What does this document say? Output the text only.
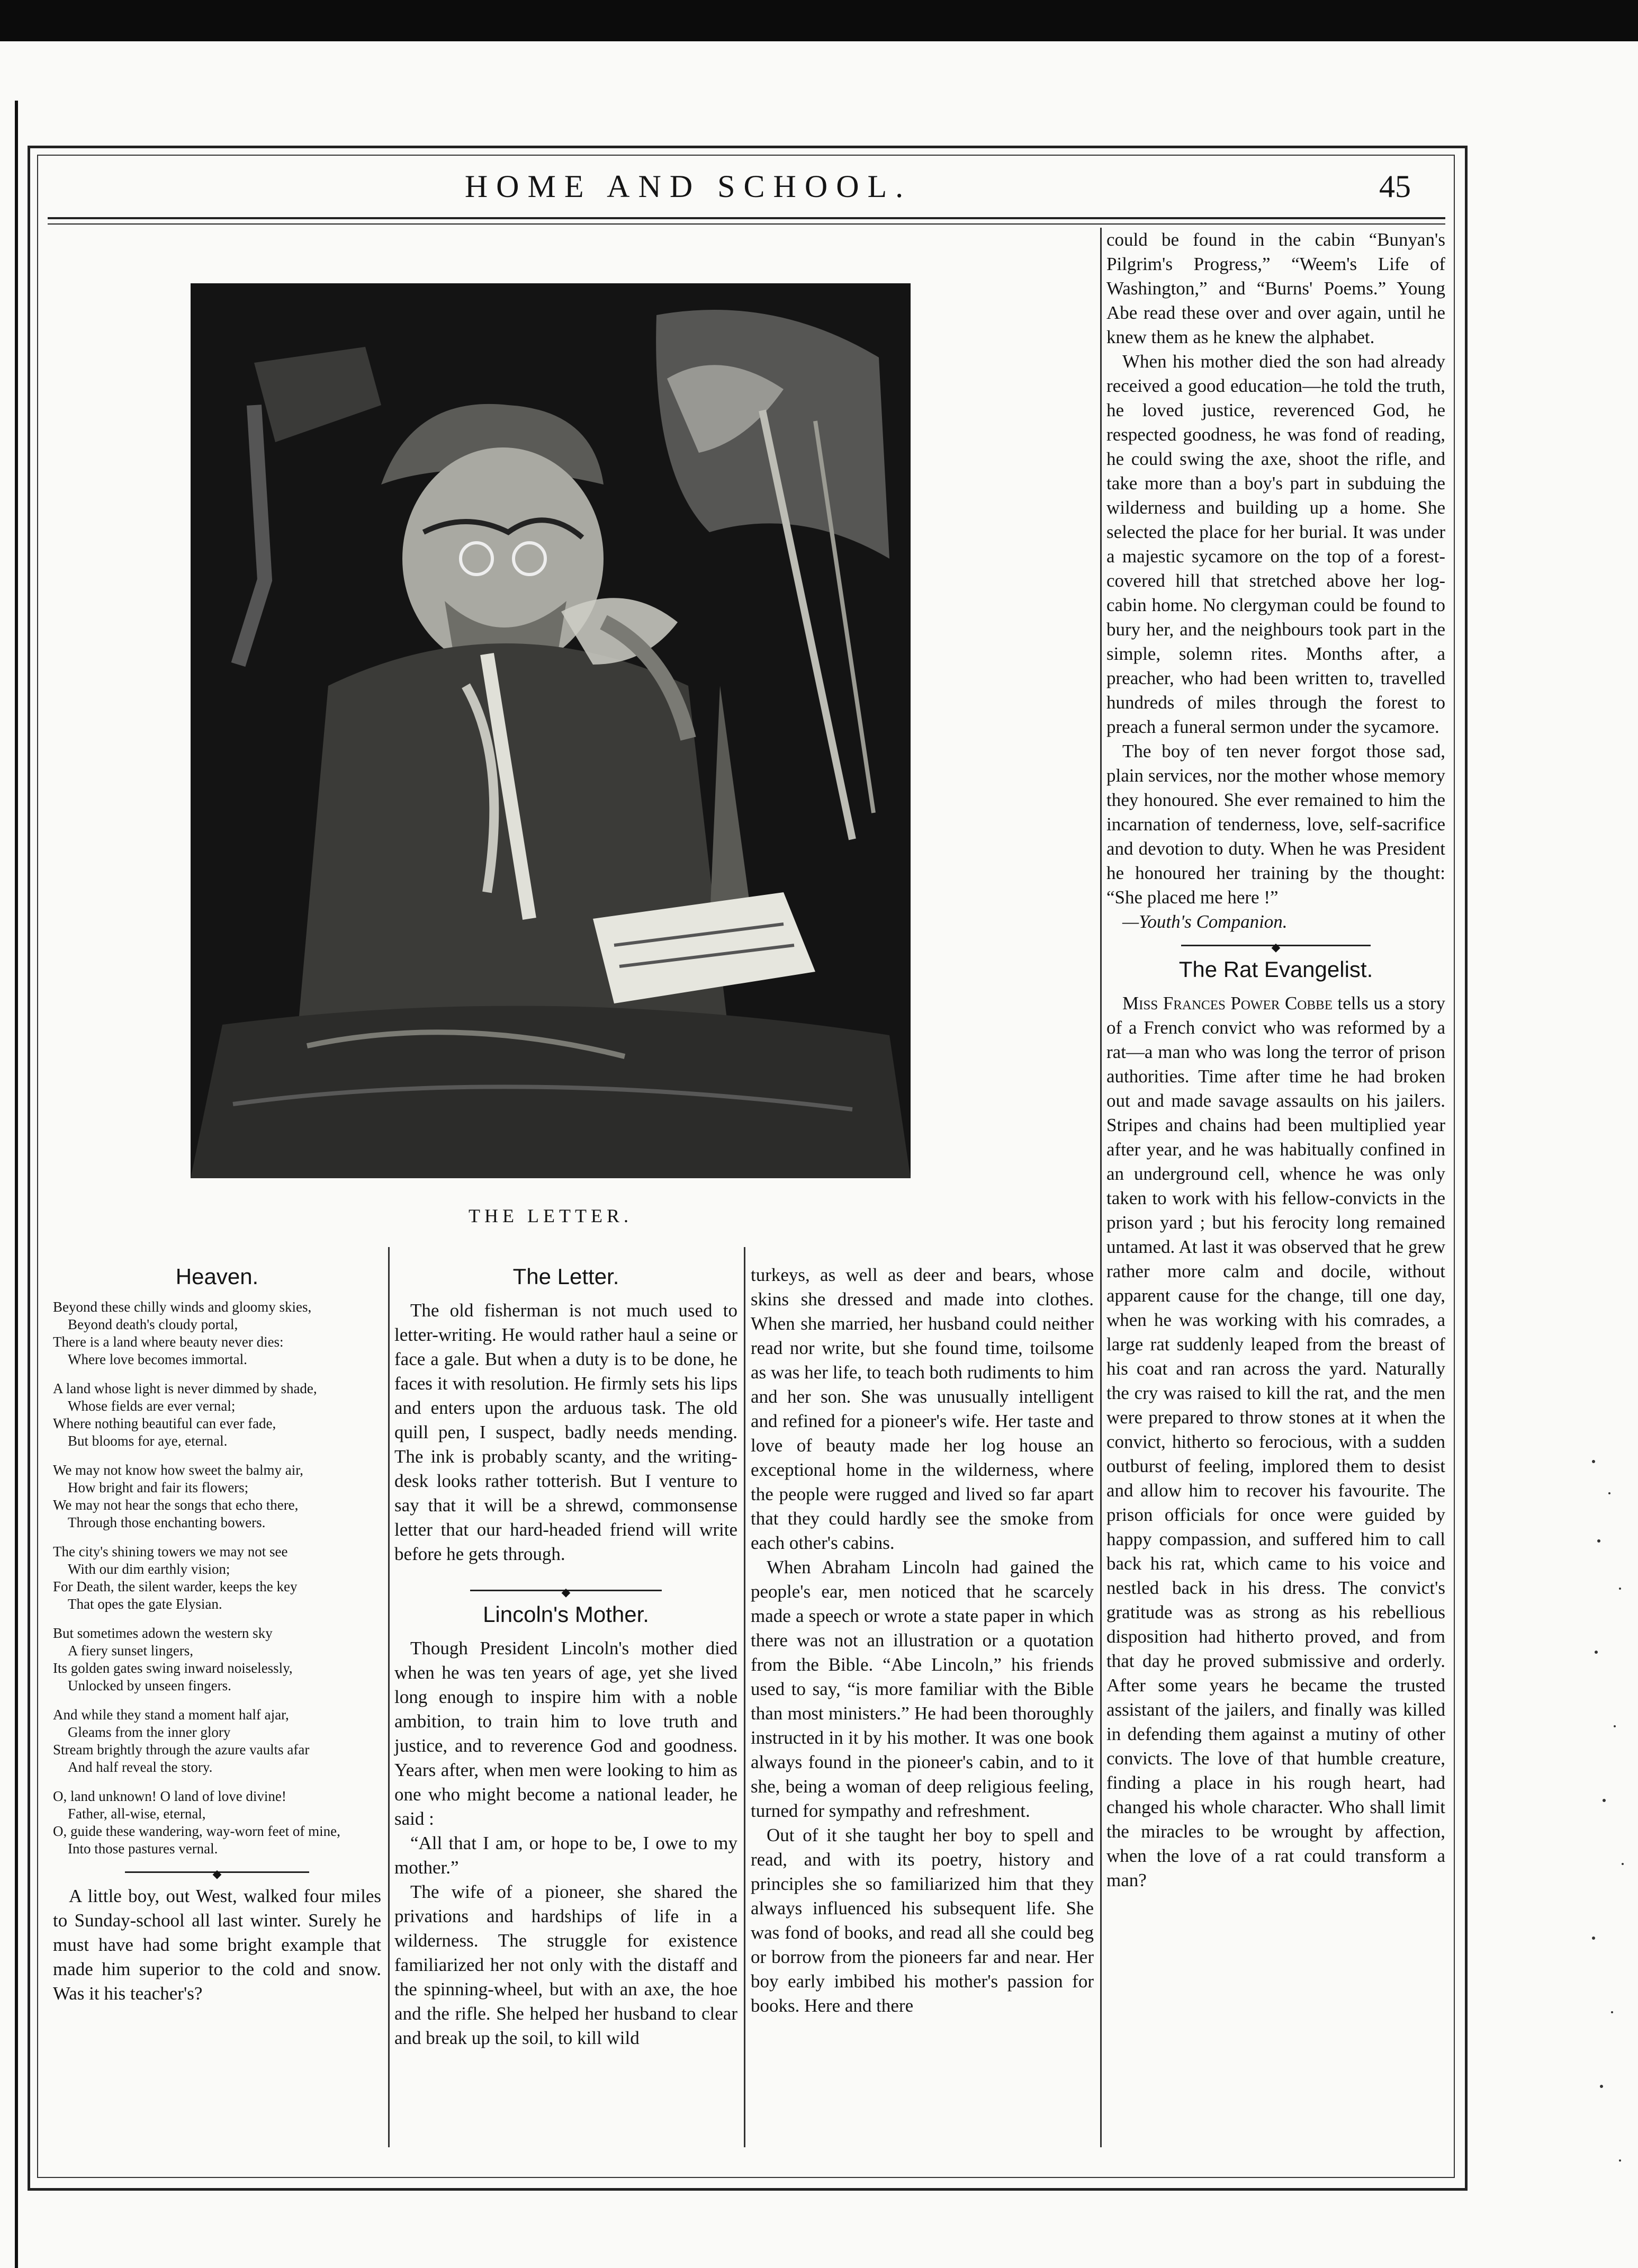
HOME AND SCHOOL.	45
THE LETTER.
Heaven.
Beyond these chilly winds and gloomy skies,
Beyond death's cloudy portal,
There is a land where beauty never dies:
Where love becomes immortal.
A land whose light is never dimmed by shade,
Whose fields are ever vernal;
Where nothing beautiful can ever fade,
But blooms for aye, eternal.
We may not know how sweet the balmy air,
How bright and fair its flowers;
We may not hear the songs that echo there,
Through those enchanting bowers.
The city's shining towers we may not see
With our dim earthly vision;
For Death, the silent warder, keeps the key
That opes the gate Elysian.
But sometimes adown the western sky
A fiery sunset lingers,
Its golden gates swing inward noiselessly,
Unlocked by unseen fingers.
And while they stand a moment half ajar,
Gleams from the inner glory
Stream brightly through the azure vaults afar
And half reveal the story.
O, land unknown! O land of love divine!
Father, all-wise, eternal,
O, guide these wandering, way-worn feet of mine,
Into those pastures vernal.
◆

A little boy, out West, walked four miles to Sunday-school all last winter. Surely he must have had some bright example that made him superior to the cold and snow. Was it his teacher's?

The Letter.

The old fisherman is not much used to letter-writing. He would rather haul a seine or face a gale. But when a duty is to be done, he faces it with resolution. He firmly sets his lips and enters upon the arduous task. The old quill pen, I suspect, badly needs mending. The ink is probably scanty, and the writing-desk looks rather totterish. But I venture to say that it will be a shrewd, commonsense letter that our hard-headed friend will write before he gets through.

◆
Lincoln's Mother.

Though President Lincoln's mother died when he was ten years of age, yet she lived long enough to inspire him with a noble ambition, to train him to love truth and justice, and to reverence God and goodness. Years after, when men were looking to him as one who might become a national leader, he said :

“All that I am, or hope to be, I owe to my mother.”

The wife of a pioneer, she shared the privations and hardships of life in a wilderness. The struggle for existence familiarized her not only with the distaff and the spinning-wheel, but with an axe, the hoe and the rifle. She helped her husband to clear and break up the soil, to kill wild

turkeys, as well as deer and bears, whose skins she dressed and made into clothes. When she married, her husband could neither read nor write, but she found time, toilsome as was her life, to teach both rudiments to him and her son. She was unusually intelligent and refined for a pioneer's wife. Her taste and love of beauty made her log house an exceptional home in the wilderness, where the people were rugged and lived so far apart that they could hardly see the smoke from each other's cabins.

When Abraham Lincoln had gained the people's ear, men noticed that he scarcely made a speech or wrote a state paper in which there was not an illustration or a quotation from the Bible. “Abe Lincoln,” his friends used to say, “is more familiar with the Bible than most ministers.” He had been thoroughly instructed in it by his mother. It was one book always found in the pioneer's cabin, and to it she, being a woman of deep religious feeling, turned for sympathy and refreshment.

Out of it she taught her boy to spell and read, and with its poetry, history and principles she so familiarized him that they always influenced his subsequent life. She was fond of books, and read all she could beg or borrow from the pioneers far and near. Her boy early imbibed his mother's passion for books. Here and there

could be found in the cabin “Bunyan's Pilgrim's Progress,” “Weem's Life of Washington,” and “Burns' Poems.” Young Abe read these over and over again, until he knew them as he knew the alphabet.

When his mother died the son had already received a good education—he told the truth, he loved justice, reverenced God, he respected goodness, he was fond of reading, he could swing the axe, shoot the rifle, and take more than a boy's part in subduing the wilderness and building up a home. She selected the place for her burial. It was under a majestic sycamore on the top of a forest-covered hill that stretched above her log-cabin home. No clergyman could be found to bury her, and the neighbours took part in the simple, solemn rites. Months after, a preacher, who had been written to, travelled hundreds of miles through the forest to preach a funeral sermon under the sycamore.

The boy of ten never forgot those sad, plain services, nor the mother whose memory they honoured. She ever remained to him the incarnation of tenderness, love, self-sacrifice and devotion to duty. When he was President he honoured her training by the thought: “She placed me here !”

—Youth's Companion.

◆
The Rat Evangelist.

Miss Frances Power Cobbe tells us a story of a French convict who was reformed by a rat—a man who was long the terror of prison authorities. Time after time he had broken out and made savage assaults on his jailers. Stripes and chains had been multiplied year after year, and he was habitually confined in an underground cell, whence he was only taken to work with his fellow-convicts in the prison yard ; but his ferocity long remained untamed. At last it was observed that he grew rather more calm and docile, without apparent cause for the change, till one day, when he was working with his comrades, a large rat suddenly leaped from the breast of his coat and ran across the yard. Naturally the cry was raised to kill the rat, and the men were prepared to throw stones at it when the convict, hitherto so ferocious, with a sudden outburst of feeling, implored them to desist and allow him to recover his favourite. The prison officials for once were guided by happy compassion, and suffered him to call back his rat, which came to his voice and nestled back in his dress. The convict's gratitude was as strong as his rebellious disposition had hitherto proved, and from that day he proved submissive and orderly. After some years he became the trusted assistant of the jailers, and finally was killed in defending them against a mutiny of other convicts. The love of that humble creature, finding a place in his rough heart, had changed his whole character. Who shall limit the miracles to be wrought by affection, when the love of a rat could transform a man?
